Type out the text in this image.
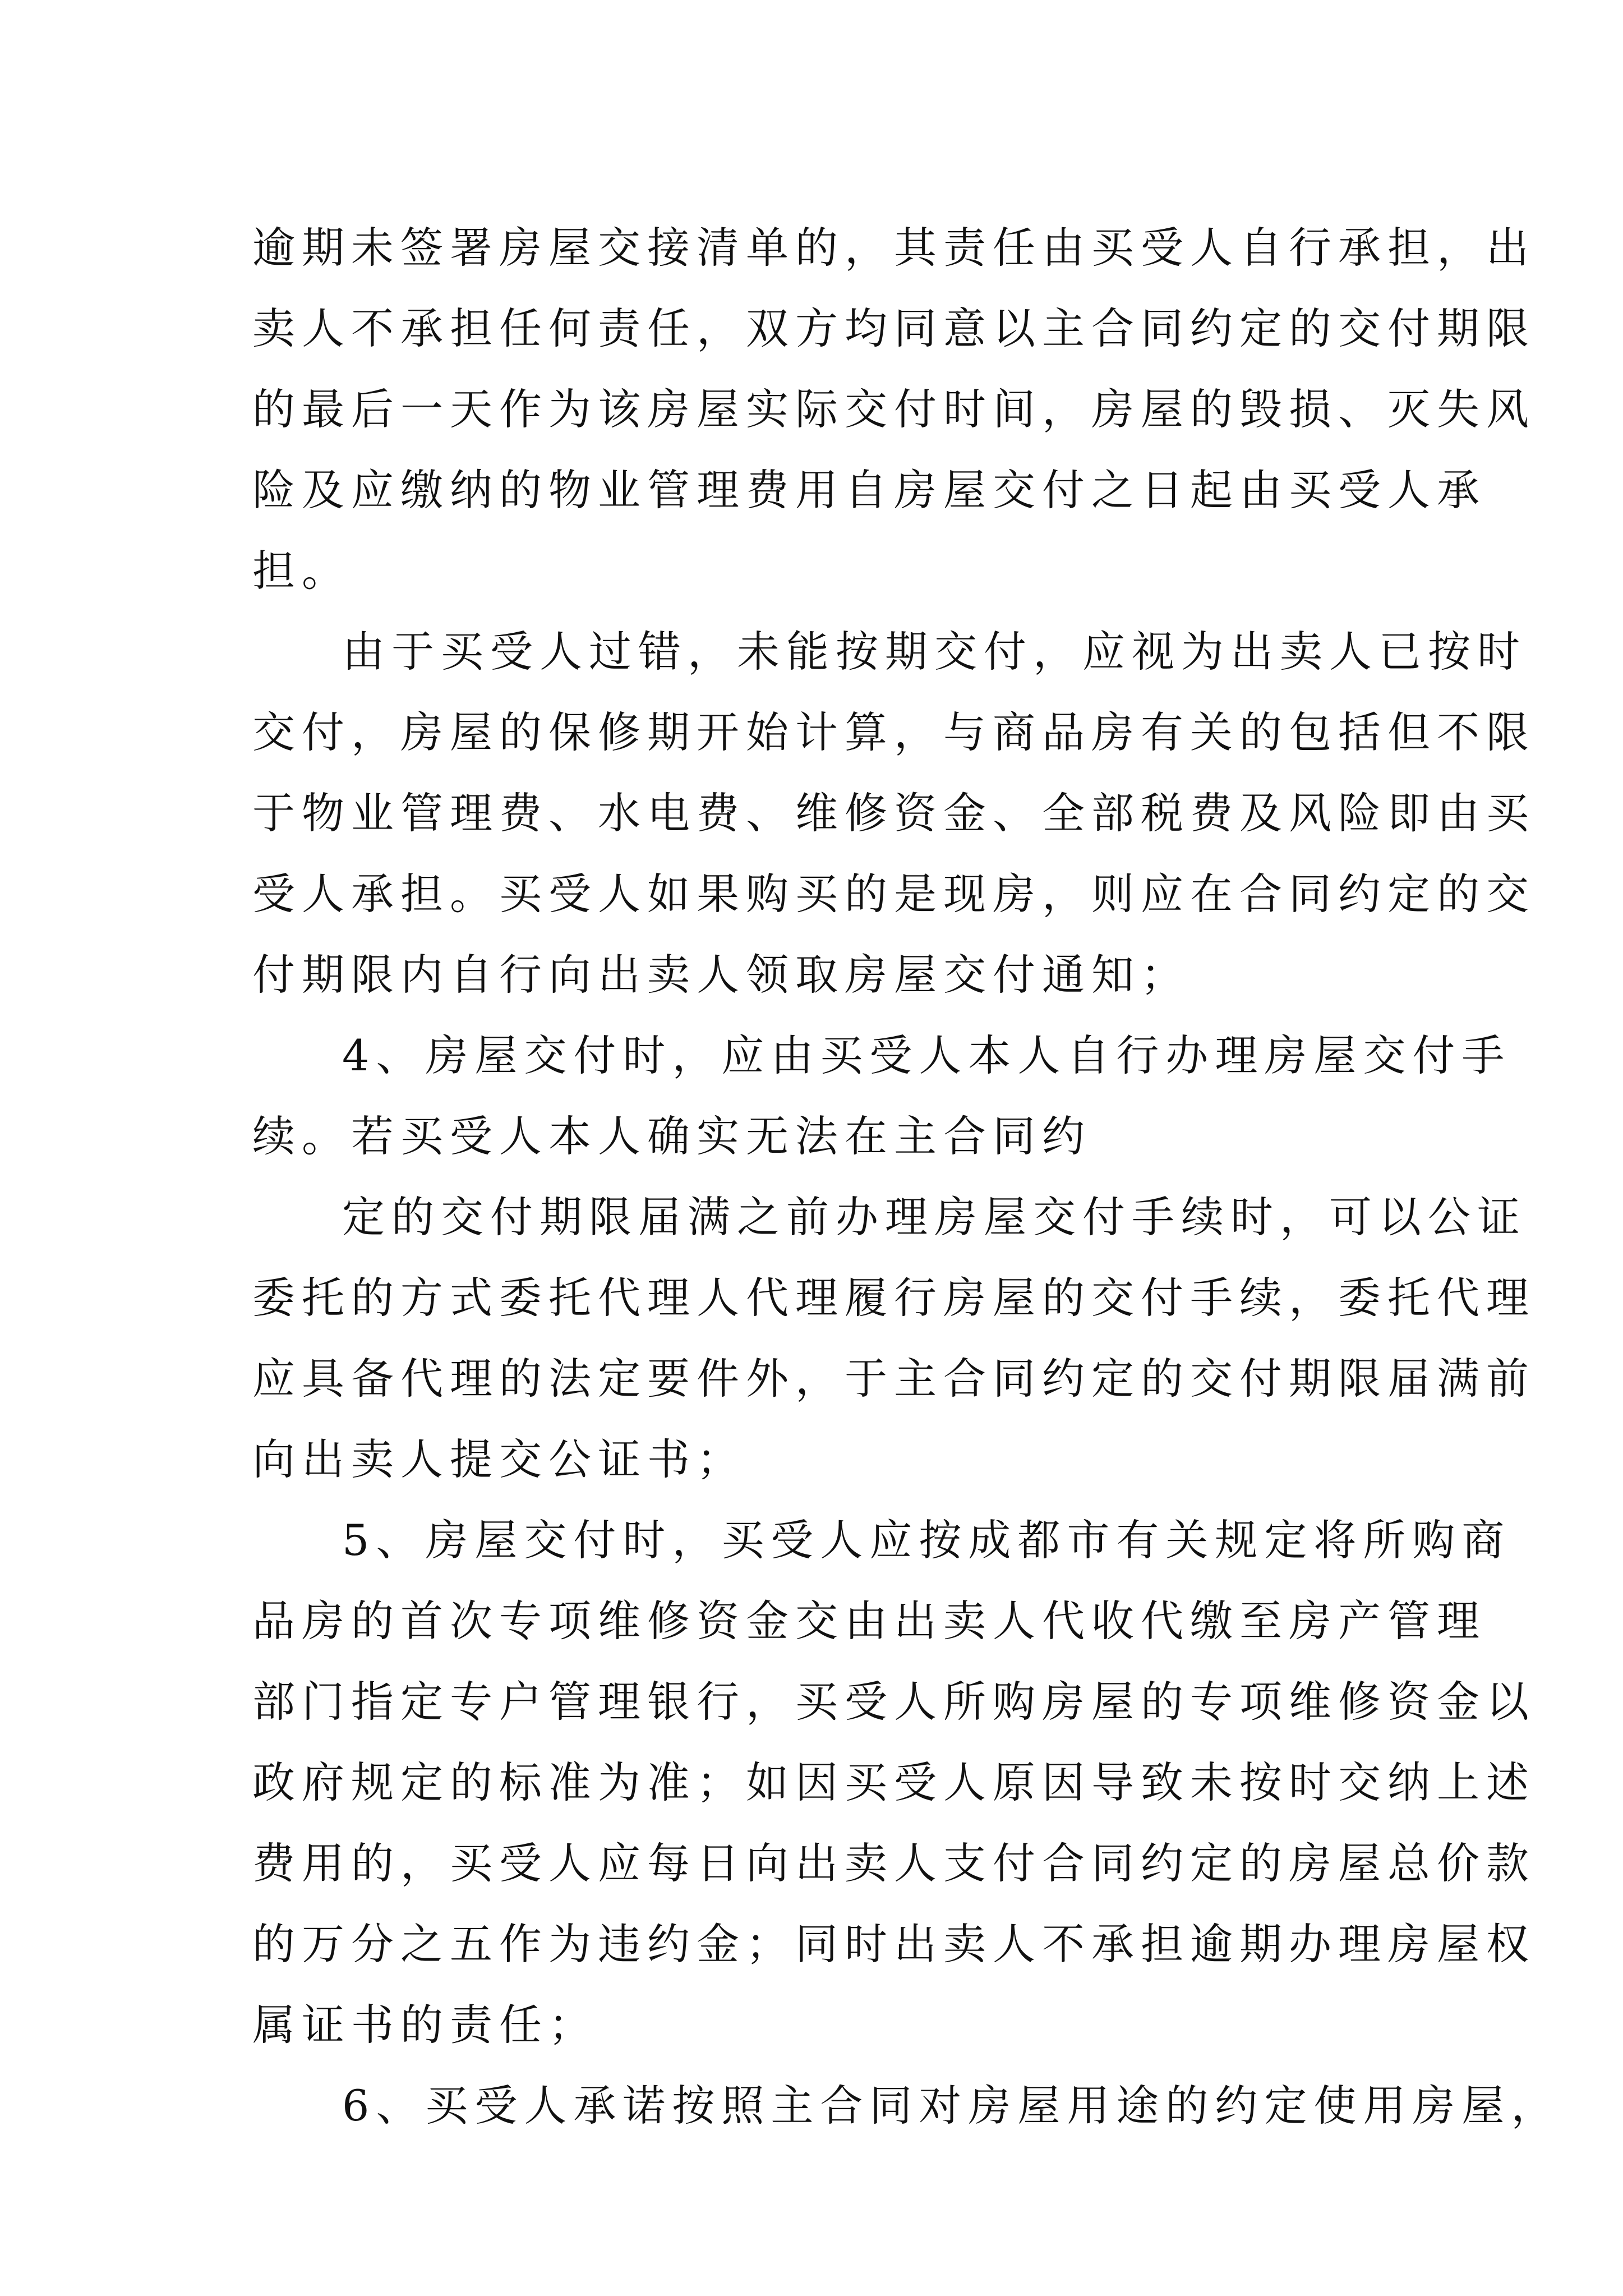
逾期未签署房屋交接清单的，其责任由买受人自行承担，出
卖人不承担任何责任，双方均同意以主合同约定的交付期限
的最后一天作为该房屋实际交付时间，房屋的毁损、灭失风
险及应缴纳的物业管理费用自房屋交付之日起由买受人承
担。
由于买受人过错，未能按期交付，应视为出卖人已按时
交付，房屋的保修期开始计算，与商品房有关的包括但不限
于物业管理费、水电费、维修资金、全部税费及风险即由买
受人承担。买受人如果购买的是现房，则应在合同约定的交
付期限内自行向出卖人领取房屋交付通知；
4、房屋交付时，应由买受人本人自行办理房屋交付手
续。若买受人本人确实无法在主合同约
定的交付期限届满之前办理房屋交付手续时，可以公证
委托的方式委托代理人代理履行房屋的交付手续，委托代理
应具备代理的法定要件外，于主合同约定的交付期限届满前
向出卖人提交公证书；
5、房屋交付时，买受人应按成都市有关规定将所购商
品房的首次专项维修资金交由出卖人代收代缴至房产管理
部门指定专户管理银行，买受人所购房屋的专项维修资金以
政府规定的标准为准；如因买受人原因导致未按时交纳上述
费用的，买受人应每日向出卖人支付合同约定的房屋总价款
的万分之五作为违约金；同时出卖人不承担逾期办理房屋权
属证书的责任；
6、买受人承诺按照主合同对房屋用途的约定使用房屋，
